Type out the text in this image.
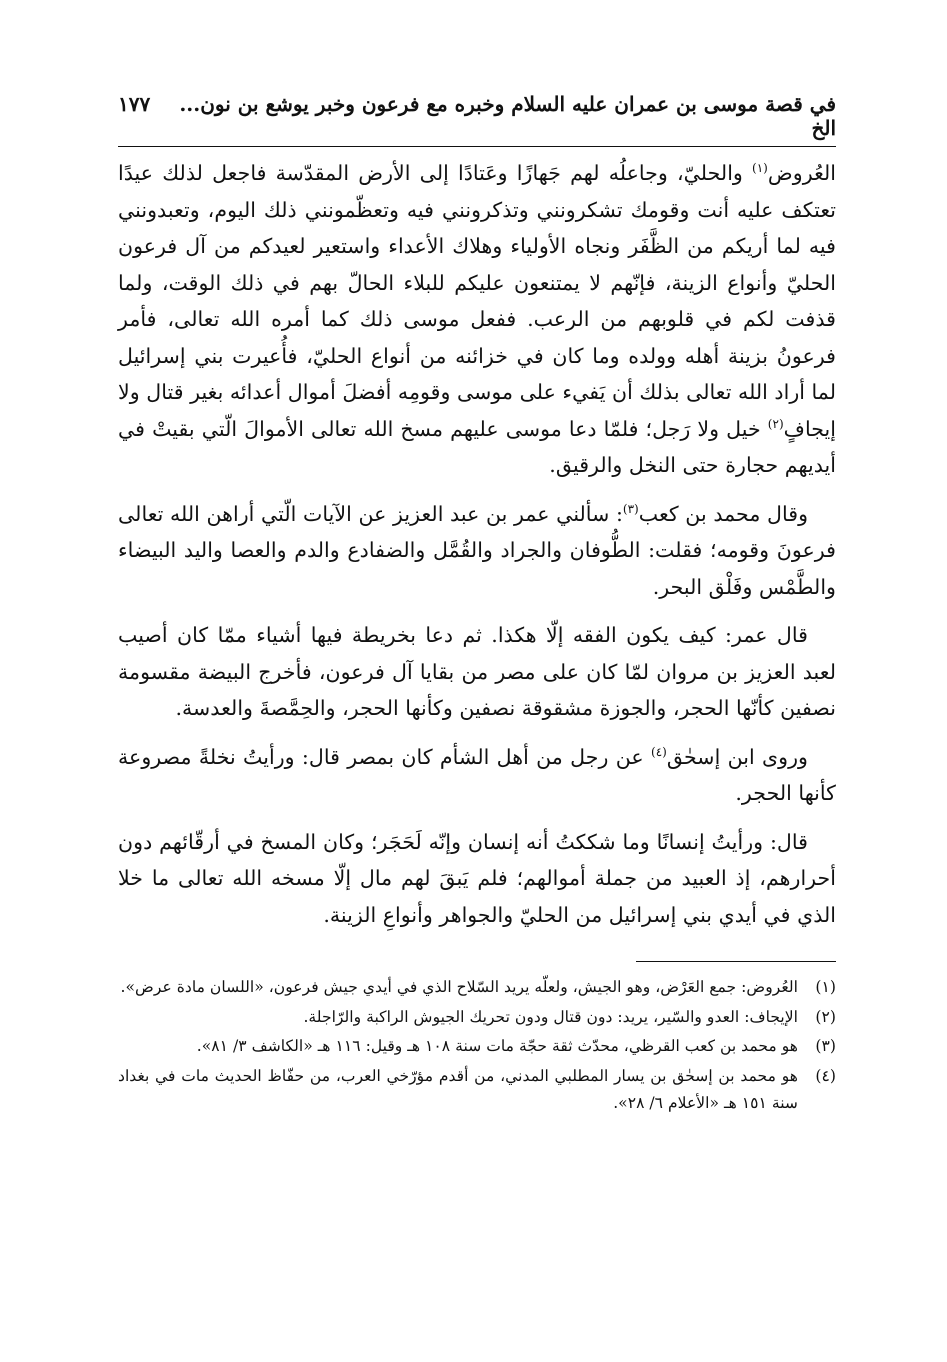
في قصة موسى بن عمران عليه السلام وخبره مع فرعون وخبر يوشع بن نون... الخ
١٧٧

العُروض$^{(١)}$ والحليّ، وجاعلُه لهم جَهازًا وعَتادًا إلى الأرض المقدّسة فاجعل لذلك عيدًا تعتكف عليه أنت وقومك تشكرونني وتذكرونني فيه وتعظّمونني ذلك اليوم، وتعبدونني فيه لما أريكم من الظَّفَر ونجاه الأولياء وهلاك الأعداء واستعير لعيدكم من آل فرعون الحليّ وأنواع الزينة، فإنّهم لا يمتنعون عليكم للبلاء الحالّ بهم في ذلك الوقت، ولما قذفت لكم في قلوبهم من الرعب. ففعل موسى ذلك كما أمره الله تعالى، فأمر فرعونُ بزينة أهله وولده وما كان في خزائنه من أنواع الحليّ، فأُعيرت بني إسرائيل لما أراد الله تعالى بذلك أن يَفيء على موسى وقومِه أفضلَ أموال أعدائه بغير قتال ولا إيجافٍ$^{(٢)}$ خيل ولا رَجل؛ فلمّا دعا موسى عليهم مسخ الله تعالى الأموالَ الّتي بقيتْ في أيديهم حجارة حتى النخل والرقيق.

وقال محمد بن كعب$^{(٣)}$: سألني عمر بن عبد العزيز عن الآيات الّتي أراهن الله تعالى فرعونَ وقومه؛ فقلت: الطُّوفان والجراد والقُمَّل والضفادع والدم والعصا واليد البيضاء والطَّمْس وفَلْق البحر.

قال عمر: كيف يكون الفقه إلّا هكذا. ثم دعا بخريطة فيها أشياء ممّا كان أصيب لعبد العزيز بن مروان لمّا كان على مصر من بقايا آل فرعون، فأخرج البيضة مقسومة نصفين كأنّها الحجر، والجوزة مشقوقة نصفين وكأنها الحجر، والحِمَّصةَ والعدسة.

وروى ابن إسحٰق$^{(٤)}$ عن رجل من أهل الشأم كان بمصر قال: ورأيتُ نخلةً مصروعة كأنها الحجر.

قال: ورأيتُ إنسانًا وما شككتُ أنه إنسان وإنّه لَحَجَر؛ وكان المسخ في أرقّائهم دون أحرارهم، إذ العبيد من جملة أموالهم؛ فلم يَبقَ لهم مال إلّا مسخه الله تعالى ما خلا الذي في أيدي بني إسرائيل من الحليّ والجواهر وأنواعِ الزينة.

(١)
العُروض: جمع العَرْض، وهو الجيش، ولعلّه يريد السّلاح الذي في أيدي جيش فرعون، «اللسان مادة عرض».
(٢)
الإيجاف: العدو والسّير، يريد: دون قتال ودون تحريك الجيوش الراكبة والرّاجلة.
(٣)
هو محمد بن كعب القرظي، محدّث ثقة حجّة مات سنة ١٠٨ هـ وقيل: ١١٦ هـ «الكاشف ٣/ ٨١».
(٤)
هو محمد بن إسحٰق بن يسار المطلبي المدني، من أقدم مؤرّخي العرب، من حفّاظ الحديث مات في بغداد سنة ١٥١ هـ «الأعلام ٦/ ٢٨».
